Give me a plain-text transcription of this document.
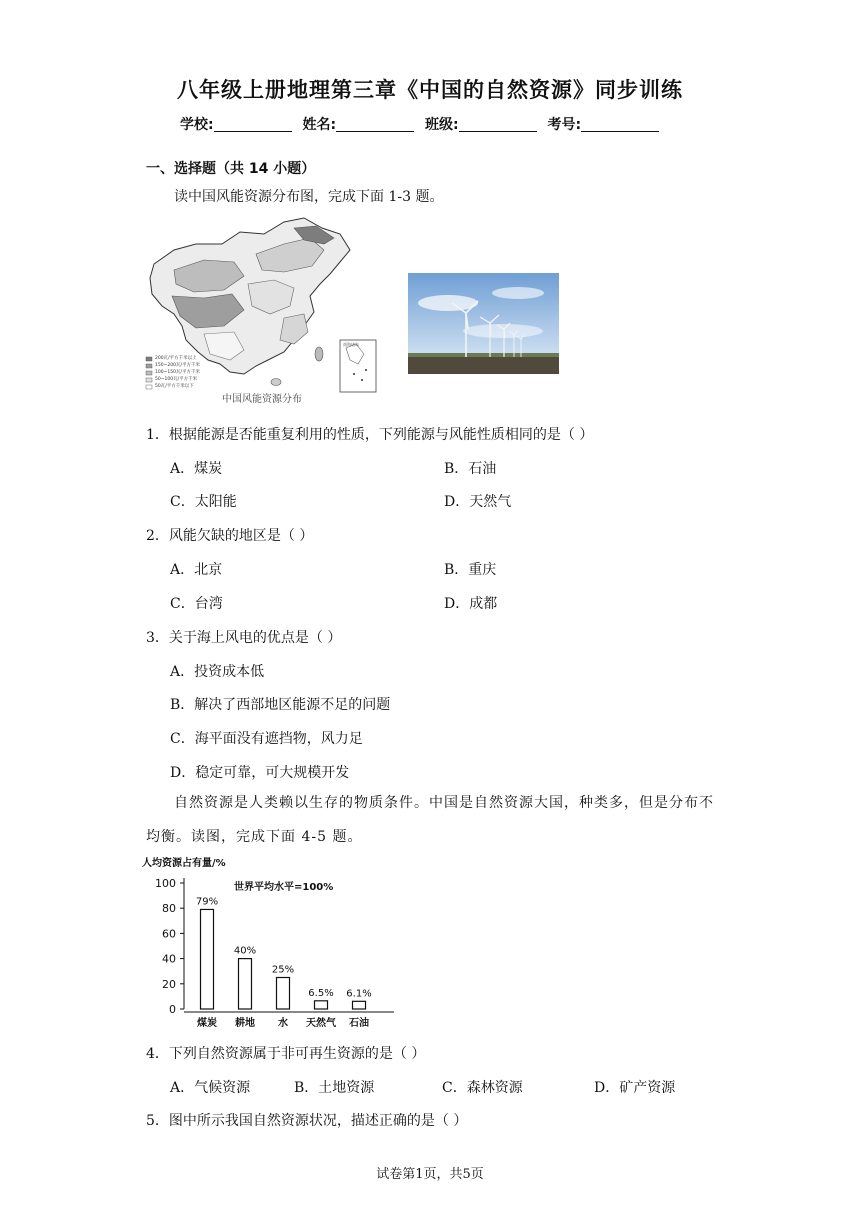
八年级上册地理第三章《中国的自然资源》同步训练
学校:	姓名:	班级:	考号:
一、选择题（共 14 小题）
读中国风能资源分布图，完成下面 1-3 题。
200瓦/平方千米以上
150~200瓦/平方千米
100~150瓦/平方千米
50~100瓦/平方千米
50瓦/平方千米以下
南海诸岛
中国风能资源分布
1．根据能源是否能重复利用的性质，下列能源与风能性质相同的是（ ）
A．煤炭	B．石油
C．太阳能	D．天然气
2．风能欠缺的地区是（ ）
A．北京	B．重庆
C．台湾	D．成都
3．关于海上风电的优点是（ ）
A．投资成本低
B．解决了西部地区能源不足的问题
C．海平面没有遮挡物，风力足
D．稳定可靠，可大规模开发
自然资源是人类赖以生存的物质条件。中国是自然资源大国，种类多，但是分布不均衡。读图，完成下面 4-5 题。
人均资源占有量/%
世界平均水平=100%
0
20
40
60
80
100
79%
煤炭
40%
耕地
25%
水
6.5%
天然气
6.1%
石油
4．下列自然资源属于非可再生资源的是（ ）
A．气候资源	B．土地资源	C．森林资源	D．矿产资源
5．图中所示我国自然资源状况，描述正确的是（ ）
试卷第1页，共5页
